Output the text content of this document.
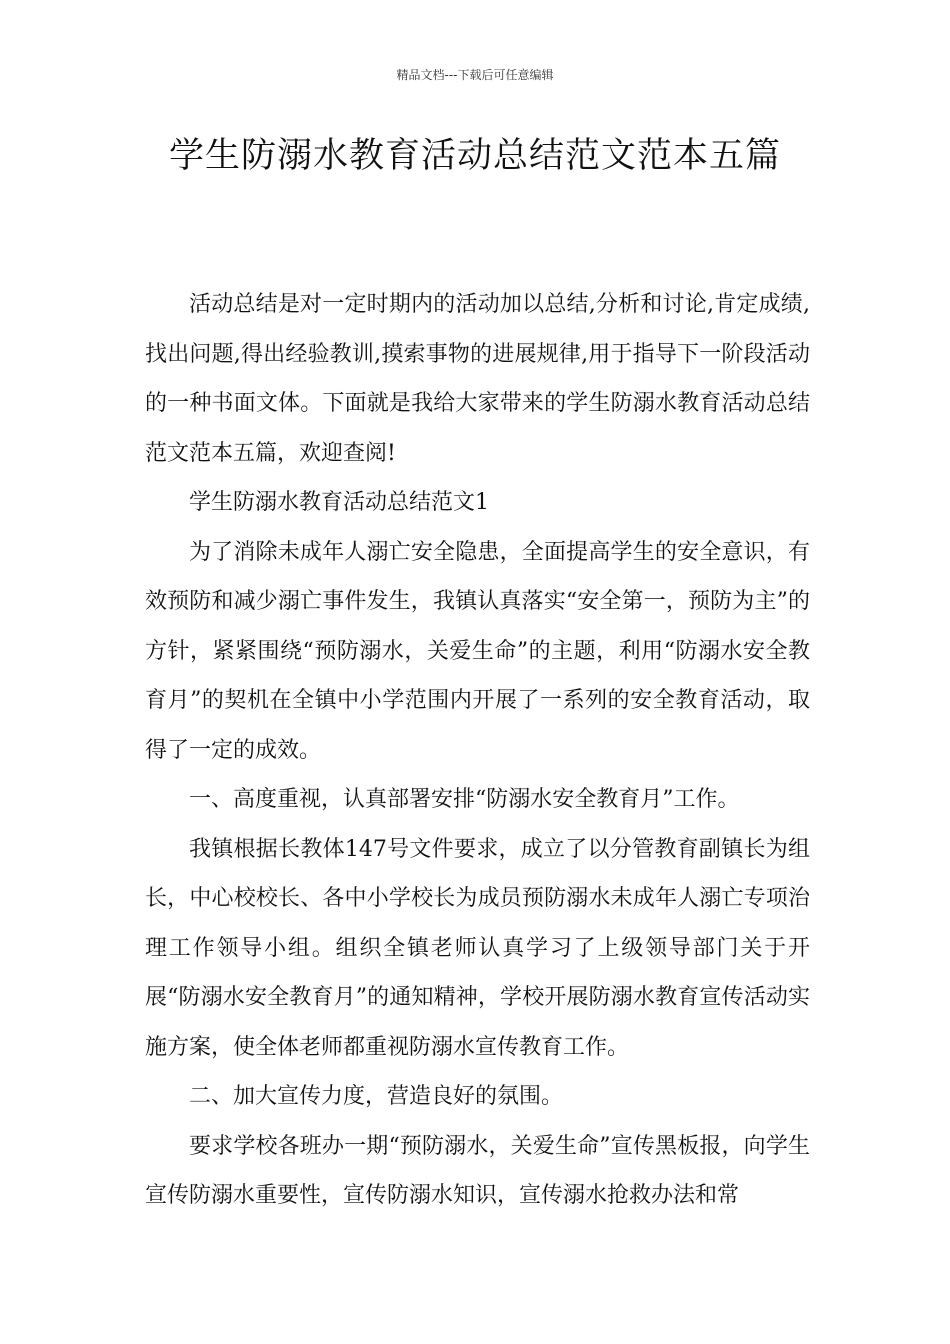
精品文档---下载后可任意编辑
学生防溺水教育活动总结范文范本五篇

活动总结是对一定时期内的活动加以总结,分析和讨论,肯定成绩,找出问题,得出经验教训,摸索事物的进展规律,用于指导下一阶段活动的一种书面文体。下面就是我给大家带来的学生防溺水教育活动总结范文范本五篇，欢迎查阅!

学生防溺水教育活动总结范文1

为了消除未成年人溺亡安全隐患，全面提高学生的安全意识，有效预防和减少溺亡事件发生，我镇认真落实“安全第一，预防为主”的方针，紧紧围绕“预防溺水，关爱生命”的主题，利用“防溺水安全教育月”的契机在全镇中小学范围内开展了一系列的安全教育活动，取得了一定的成效。

一、高度重视，认真部署安排“防溺水安全教育月”工作。

我镇根据长教体147号文件要求，成立了以分管教育副镇长为组长，中心校校长、各中小学校长为成员预防溺水未成年人溺亡专项治理工作领导小组。组织全镇老师认真学习了上级领导部门关于开展“防溺水安全教育月”的通知精神，学校开展防溺水教育宣传活动实施方案，使全体老师都重视防溺水宣传教育工作。

二、加大宣传力度，营造良好的氛围。

要求学校各班办一期“预防溺水，关爱生命”宣传黑板报，向学生宣传防溺水重要性，宣传防溺水知识，宣传溺水抢救办法和常
